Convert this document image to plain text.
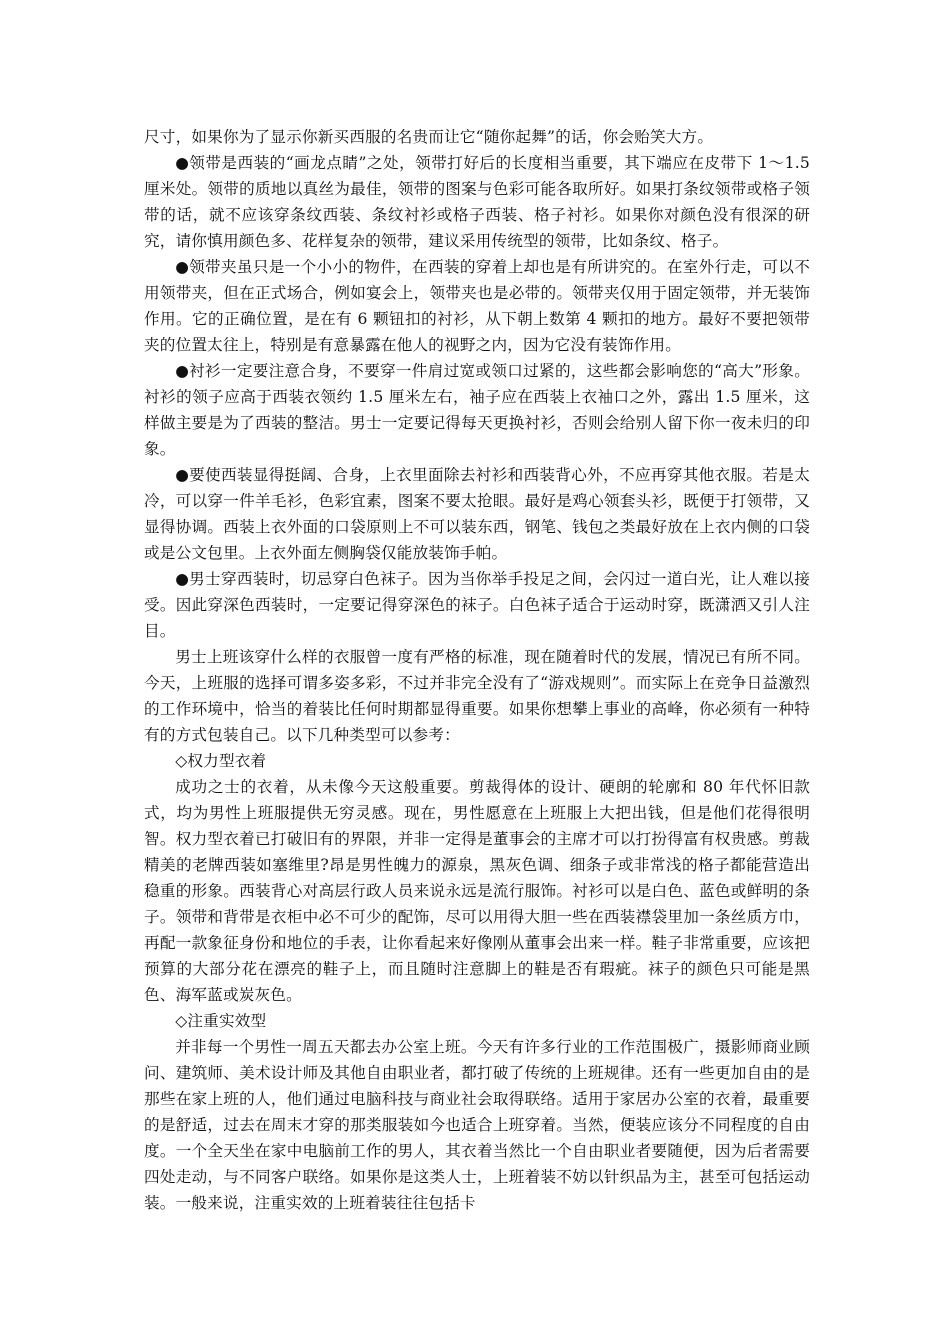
尺寸，如果你为了显示你新买西服的名贵而让它“随你起舞”的话，你会贻笑大方。

●领带是西装的“画龙点睛”之处，领带打好后的长度相当重要，其下端应在皮带下 1～1.5 厘米处。领带的质地以真丝为最佳，领带的图案与色彩可能各取所好。如果打条纹领带或格子领带的话，就不应该穿条纹西装、条纹衬衫或格子西装、格子衬衫。如果你对颜色没有很深的研究，请你慎用颜色多、花样复杂的领带，建议采用传统型的领带，比如条纹、格子。

●领带夹虽只是一个小小的物件，在西装的穿着上却也是有所讲究的。在室外行走，可以不用领带夹，但在正式场合，例如宴会上，领带夹也是必带的。领带夹仅用于固定领带，并无装饰作用。它的正确位置，是在有 6 颗钮扣的衬衫，从下朝上数第 4 颗扣的地方。最好不要把领带夹的位置太往上，特别是有意暴露在他人的视野之内，因为它没有装饰作用。

●衬衫一定要注意合身，不要穿一件肩过宽或领口过紧的，这些都会影响您的“高大”形象。衬衫的领子应高于西装衣领约 1.5 厘米左右，袖子应在西装上衣袖口之外，露出 1.5 厘米，这样做主要是为了西装的整洁。男士一定要记得每天更换衬衫，否则会给别人留下你一夜未归的印象。

●要使西装显得挺阔、合身，上衣里面除去衬衫和西装背心外，不应再穿其他衣服。若是太冷，可以穿一件羊毛衫，色彩宜素，图案不要太抢眼。最好是鸡心领套头衫，既便于打领带，又显得协调。西装上衣外面的口袋原则上不可以装东西，钢笔、钱包之类最好放在上衣内侧的口袋或是公文包里。上衣外面左侧胸袋仅能放装饰手帕。

●男士穿西装时，切忌穿白色袜子。因为当你举手投足之间，会闪过一道白光，让人难以接受。因此穿深色西装时，一定要记得穿深色的袜子。白色袜子适合于运动时穿，既潇洒又引人注目。

男士上班该穿什么样的衣服曾一度有严格的标准，现在随着时代的发展，情况已有所不同。今天，上班服的选择可谓多姿多彩，不过并非完全没有了“游戏规则”。而实际上在竞争日益激烈的工作环境中，恰当的着装比任何时期都显得重要。如果你想攀上事业的高峰，你必须有一种特有的方式包装自己。以下几种类型可以参考：

◇权力型衣着

成功之士的衣着，从未像今天这般重要。剪裁得体的设计、硬朗的轮廓和 80 年代怀旧款式，均为男性上班服提供无穷灵感。现在，男性愿意在上班服上大把出钱，但是他们花得很明智。权力型衣着已打破旧有的界限，并非一定得是董事会的主席才可以打扮得富有权贵感。剪裁精美的老牌西装如塞维里?昂是男性魄力的源泉，黑灰色调、细条子或非常浅的格子都能营造出稳重的形象。西装背心对高层行政人员来说永远是流行服饰。衬衫可以是白色、蓝色或鲜明的条子。领带和背带是衣柜中必不可少的配饰，尽可以用得大胆一些在西装襟袋里加一条丝质方巾，再配一款象征身份和地位的手表，让你看起来好像刚从董事会出来一样。鞋子非常重要，应该把预算的大部分花在漂亮的鞋子上，而且随时注意脚上的鞋是否有瑕疵。袜子的颜色只可能是黑色、海军蓝或炭灰色。

◇注重实效型

并非每一个男性一周五天都去办公室上班。今天有许多行业的工作范围极广，摄影师商业顾问、建筑师、美术设计师及其他自由职业者，都打破了传统的上班规律。还有一些更加自由的是那些在家上班的人，他们通过电脑科技与商业社会取得联络。适用于家居办公室的衣着，最重要的是舒适，过去在周末才穿的那类服装如今也适合上班穿着。当然，便装应该分不同程度的自由度。一个全天坐在家中电脑前工作的男人，其衣着当然比一个自由职业者要随便，因为后者需要四处走动，与不同客户联络。如果你是这类人士，上班着装不妨以针织品为主，甚至可包括运动装。一般来说，注重实效的上班着装往往包括卡
